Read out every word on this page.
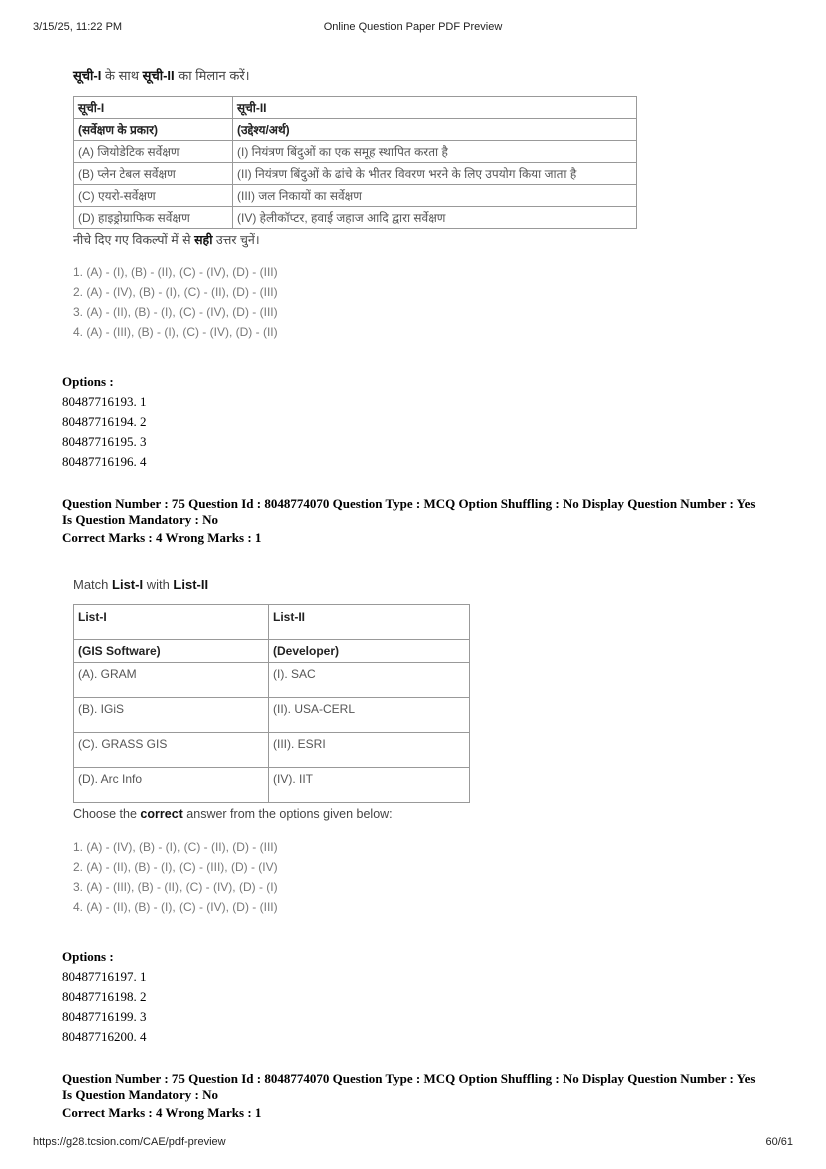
3/15/25, 11:22 PM	Online Question Paper PDF Preview
सूची-I के साथ सूची-II का मिलान करें।
सूची-I	सूची-II
(सर्वेक्षण के प्रकार)	(उद्देश्य/अर्थ)
(A) जियोडेटिक सर्वेक्षण	(I) नियंत्रण बिंदुओं का एक समूह स्थापित करता है
(B) प्लेन टेबल सर्वेक्षण	(II) नियंत्रण बिंदुओं के ढांचे के भीतर विवरण भरने के लिए उपयोग किया जाता है
(C) एयरो-सर्वेक्षण	(III) जल निकायों का सर्वेक्षण
(D) हाइड्रोग्राफिक सर्वेक्षण	(IV) हेलीकॉप्टर, हवाई जहाज आदि द्वारा सर्वेक्षण
नीचे दिए गए विकल्पों में से सही उत्तर चुनें।
1. (A) - (I), (B) - (II), (C) - (IV), (D) - (III)
2. (A) - (IV), (B) - (I), (C) - (II), (D) - (III)
3. (A) - (II), (B) - (I), (C) - (IV), (D) - (III)
4. (A) - (III), (B) - (I), (C) - (IV), (D) - (II)
Options :
80487716193. 1
80487716194. 2
80487716195. 3
80487716196. 4
Question Number : 75 Question Id : 8048774070 Question Type : MCQ Option Shuffling : No Display Question Number : Yes
Is Question Mandatory : No
Correct Marks : 4 Wrong Marks : 1
Match List-I with List-II
List-I	List-II
(GIS Software)	(Developer)
(A). GRAM	(I). SAC
(B). IGiS	(II). USA-CERL
(C). GRASS GIS	(III). ESRI
(D). Arc Info	(IV). IIT
Choose the correct answer from the options given below:
1. (A) - (IV), (B) - (I), (C) - (II), (D) - (III)
2. (A) - (II), (B) - (I), (C) - (III), (D) - (IV)
3. (A) - (III), (B) - (II), (C) - (IV), (D) - (I)
4. (A) - (II), (B) - (I), (C) - (IV), (D) - (III)
Options :
80487716197. 1
80487716198. 2
80487716199. 3
80487716200. 4
Question Number : 75 Question Id : 8048774070 Question Type : MCQ Option Shuffling : No Display Question Number : Yes
Is Question Mandatory : No
Correct Marks : 4 Wrong Marks : 1
https://g28.tcsion.com/CAE/pdf-preview	60/61
